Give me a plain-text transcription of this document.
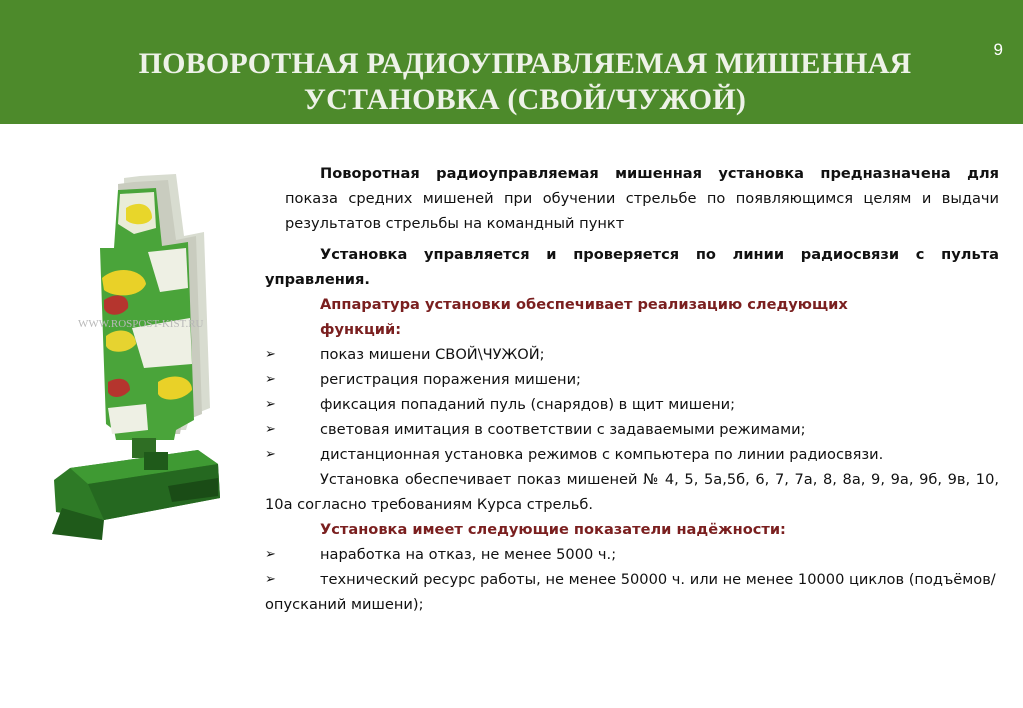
ПОВОРОТНАЯ РАДИОУПРАВЛЯЕМАЯ МИШЕННАЯ
УСТАНОВКА (СВОЙ/ЧУЖОЙ)
9
WWW.ROSPOST-KIST.RU

Поворотная радиоуправляемая мишенная установка предназначена для показа средних мишеней при обучении стрельбе по появляющимся целям и выдачи результатов стрельбы на командный пункт

Установка управляется и проверяется по линии радиосвязи с пульта управления.

Аппаратура установки обеспечивает реализацию следующих функций:

➢	показ мишени СВОЙ\ЧУЖОЙ;

➢	регистрация поражения мишени;

➢	фиксация попаданий пуль (снарядов) в щит мишени;

➢	световая имитация в соответствии с задаваемыми режимами;

➢	дистанционная установка режимов с компьютера по линии радиосвязи.

Установка обеспечивает показ мишеней № 4, 5, 5а,5б, 6, 7, 7а, 8, 8а, 9, 9а, 9б, 9в, 10, 10а согласно требованиям Курса стрельб.

Установка имеет следующие показатели надёжности:

➢	наработка на отказ, не менее 5000 ч.;

➢	технический ресурс работы, не менее 50000 ч. или не менее 10000 циклов (подъёмов/опусканий мишени);
